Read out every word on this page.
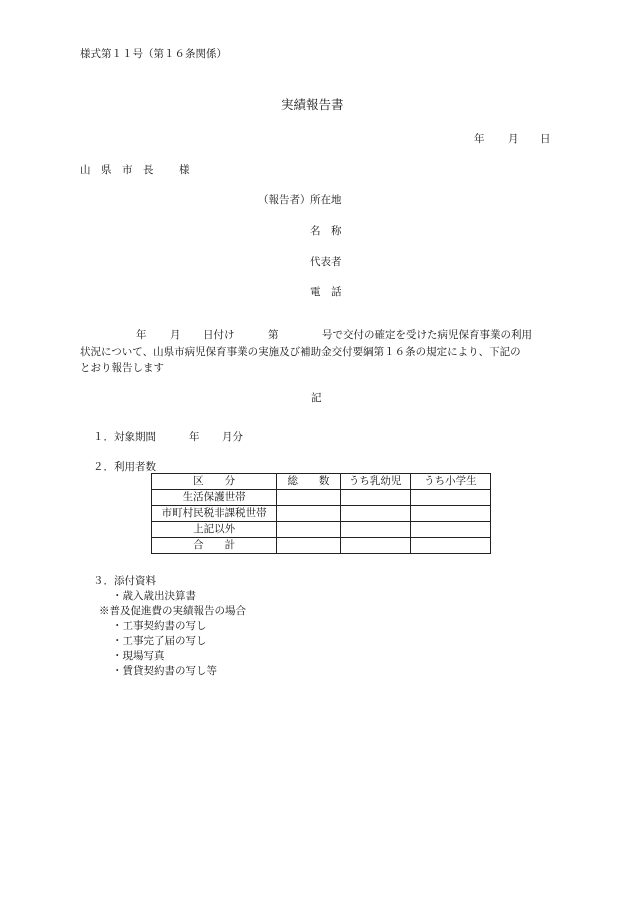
様式第１１号（第１６条関係）
実績報告書
年 月 日
山　県　市　長 様
（報告者） 所在地
名　称
代表者
電　話
年 月 日付け	第	号で交付の確定を受けた病児保育事業の利用
状況について、山県市病児保育事業の実施及び補助金交付要綱第１６条の規定により、下記の
とおり報告します
記
１．対象期間	年 月分
２．利用者数
区　　分	総　　数	うち乳幼児	うち小学生
生活保護世帯			
市町村民税非課税世帯			
上記以外			
合　　計			
３．添付資料
・歳入歳出決算書
※普及促進費の実績報告の場合
・工事契約書の写し
・工事完了届の写し
・現場写真
・賃貸契約書の写し等
